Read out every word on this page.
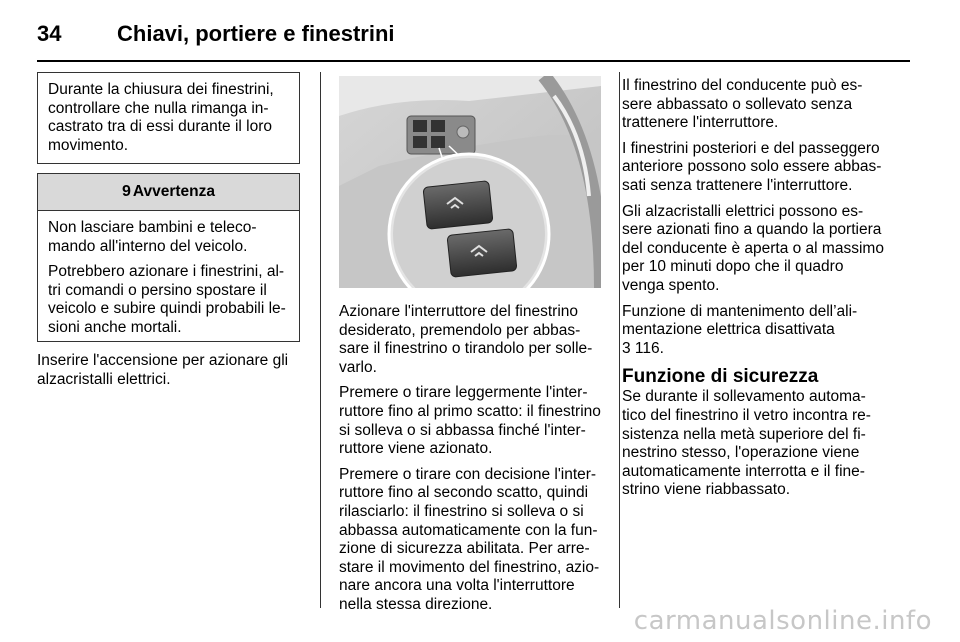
34	Chiavi, portiere e finestrini

Durante la chiusura dei finestrini,
controllare che nulla rimanga in-
castrato tra di essi durante il loro
movimento.

9 Avvertenza

Non lasciare bambini e teleco-
mando all'interno del veicolo.

Potrebbero azionare i finestrini, al-
tri comandi o persino spostare il
veicolo e subire quindi probabili le-
sioni anche mortali.

Inserire l'accensione per azionare gli
alzacristalli elettrici.

Azionare l'interruttore del finestrino
desiderato, premendolo per abbas-
sare il finestrino o tirandolo per solle-
varlo.

Premere o tirare leggermente l'inter-
ruttore fino al primo scatto: il finestrino
si solleva o si abbassa finché l'inter-
ruttore viene azionato.

Premere o tirare con decisione l'inter-
ruttore fino al secondo scatto, quindi
rilasciarlo: il finestrino si solleva o si
abbassa automaticamente con la fun-
zione di sicurezza abilitata. Per arre-
stare il movimento del finestrino, azio-
nare ancora una volta l'interruttore
nella stessa direzione.

Il finestrino del conducente può es-
sere abbassato o sollevato senza
trattenere l'interruttore.

I finestrini posteriori e del passeggero
anteriore possono solo essere abbas-
sati senza trattenere l'interruttore.

Gli alzacristalli elettrici possono es-
sere azionati fino a quando la portiera
del conducente è aperta o al massimo
per 10 minuti dopo che il quadro
venga spento.

Funzione di mantenimento dell’ali-
mentazione elettrica disattivata
3 116.

Funzione di sicurezza

Se durante il sollevamento automa-
tico del finestrino il vetro incontra re-
sistenza nella metà superiore del fi-
nestrino stesso, l'operazione viene
automaticamente interrotta e il fine-
strino viene riabbassato.

carmanualsonline.info
